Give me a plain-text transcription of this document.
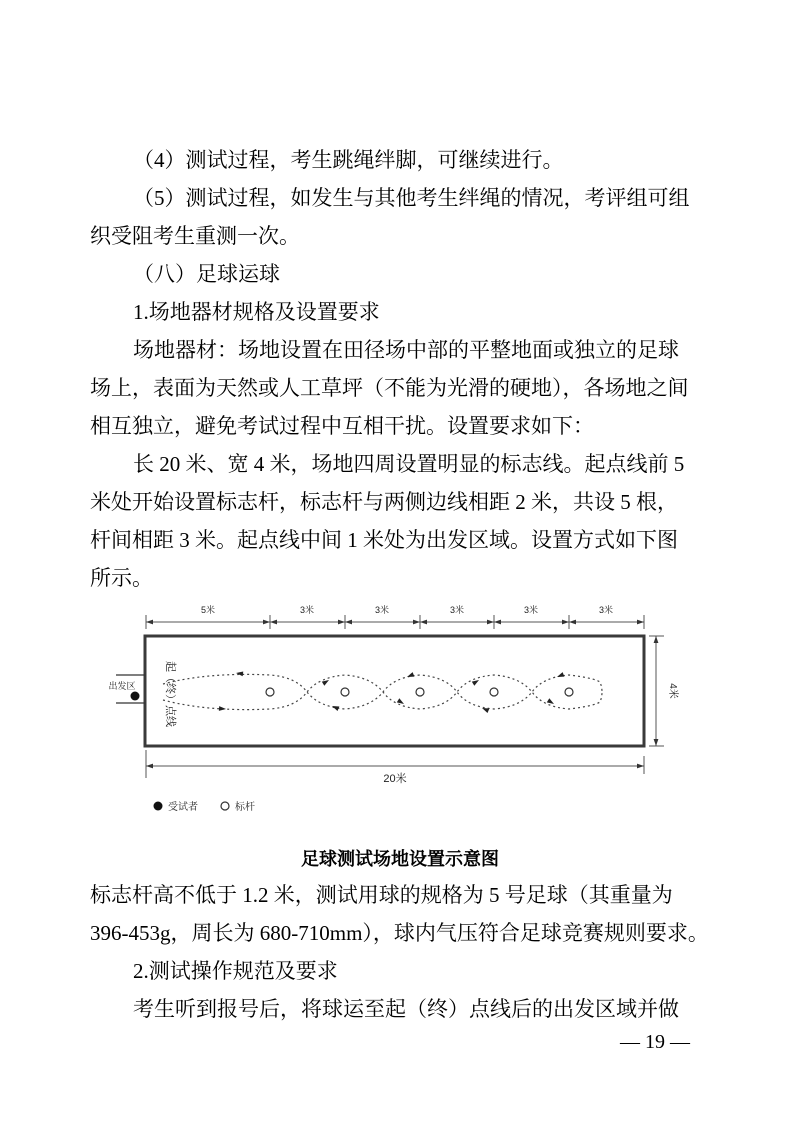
（4）测试过程，考生跳绳绊脚，可继续进行。
（5）测试过程，如发生与其他考生绊绳的情况，考评组可组
织受阻考生重测一次。
（八）足球运球
1.场地器材规格及设置要求
场地器材：场地设置在田径场中部的平整地面或独立的足球
场上，表面为天然或人工草坪（不能为光滑的硬地），各场地之间
相互独立，避免考试过程中互相干扰。设置要求如下：
长 20 米、宽 4 米，场地四周设置明显的标志线。起点线前 5
米处开始设置标志杆，标志杆与两侧边线相距 2 米，共设 5 根，
杆间相距 3 米。起点线中间 1 米处为出发区域。设置方式如下图
所示。
5米	3米	3米	3米	3米	3米
出发区	起（终）点线	4米
20米
受试者	标杆
足球测试场地设置示意图
标志杆高不低于 1.2 米，测试用球的规格为 5 号足球（其重量为
396-453g，周长为 680-710mm），球内气压符合足球竞赛规则要求。
2.测试操作规范及要求
考生听到报号后，将球运至起（终）点线后的出发区域并做
— 19 —
